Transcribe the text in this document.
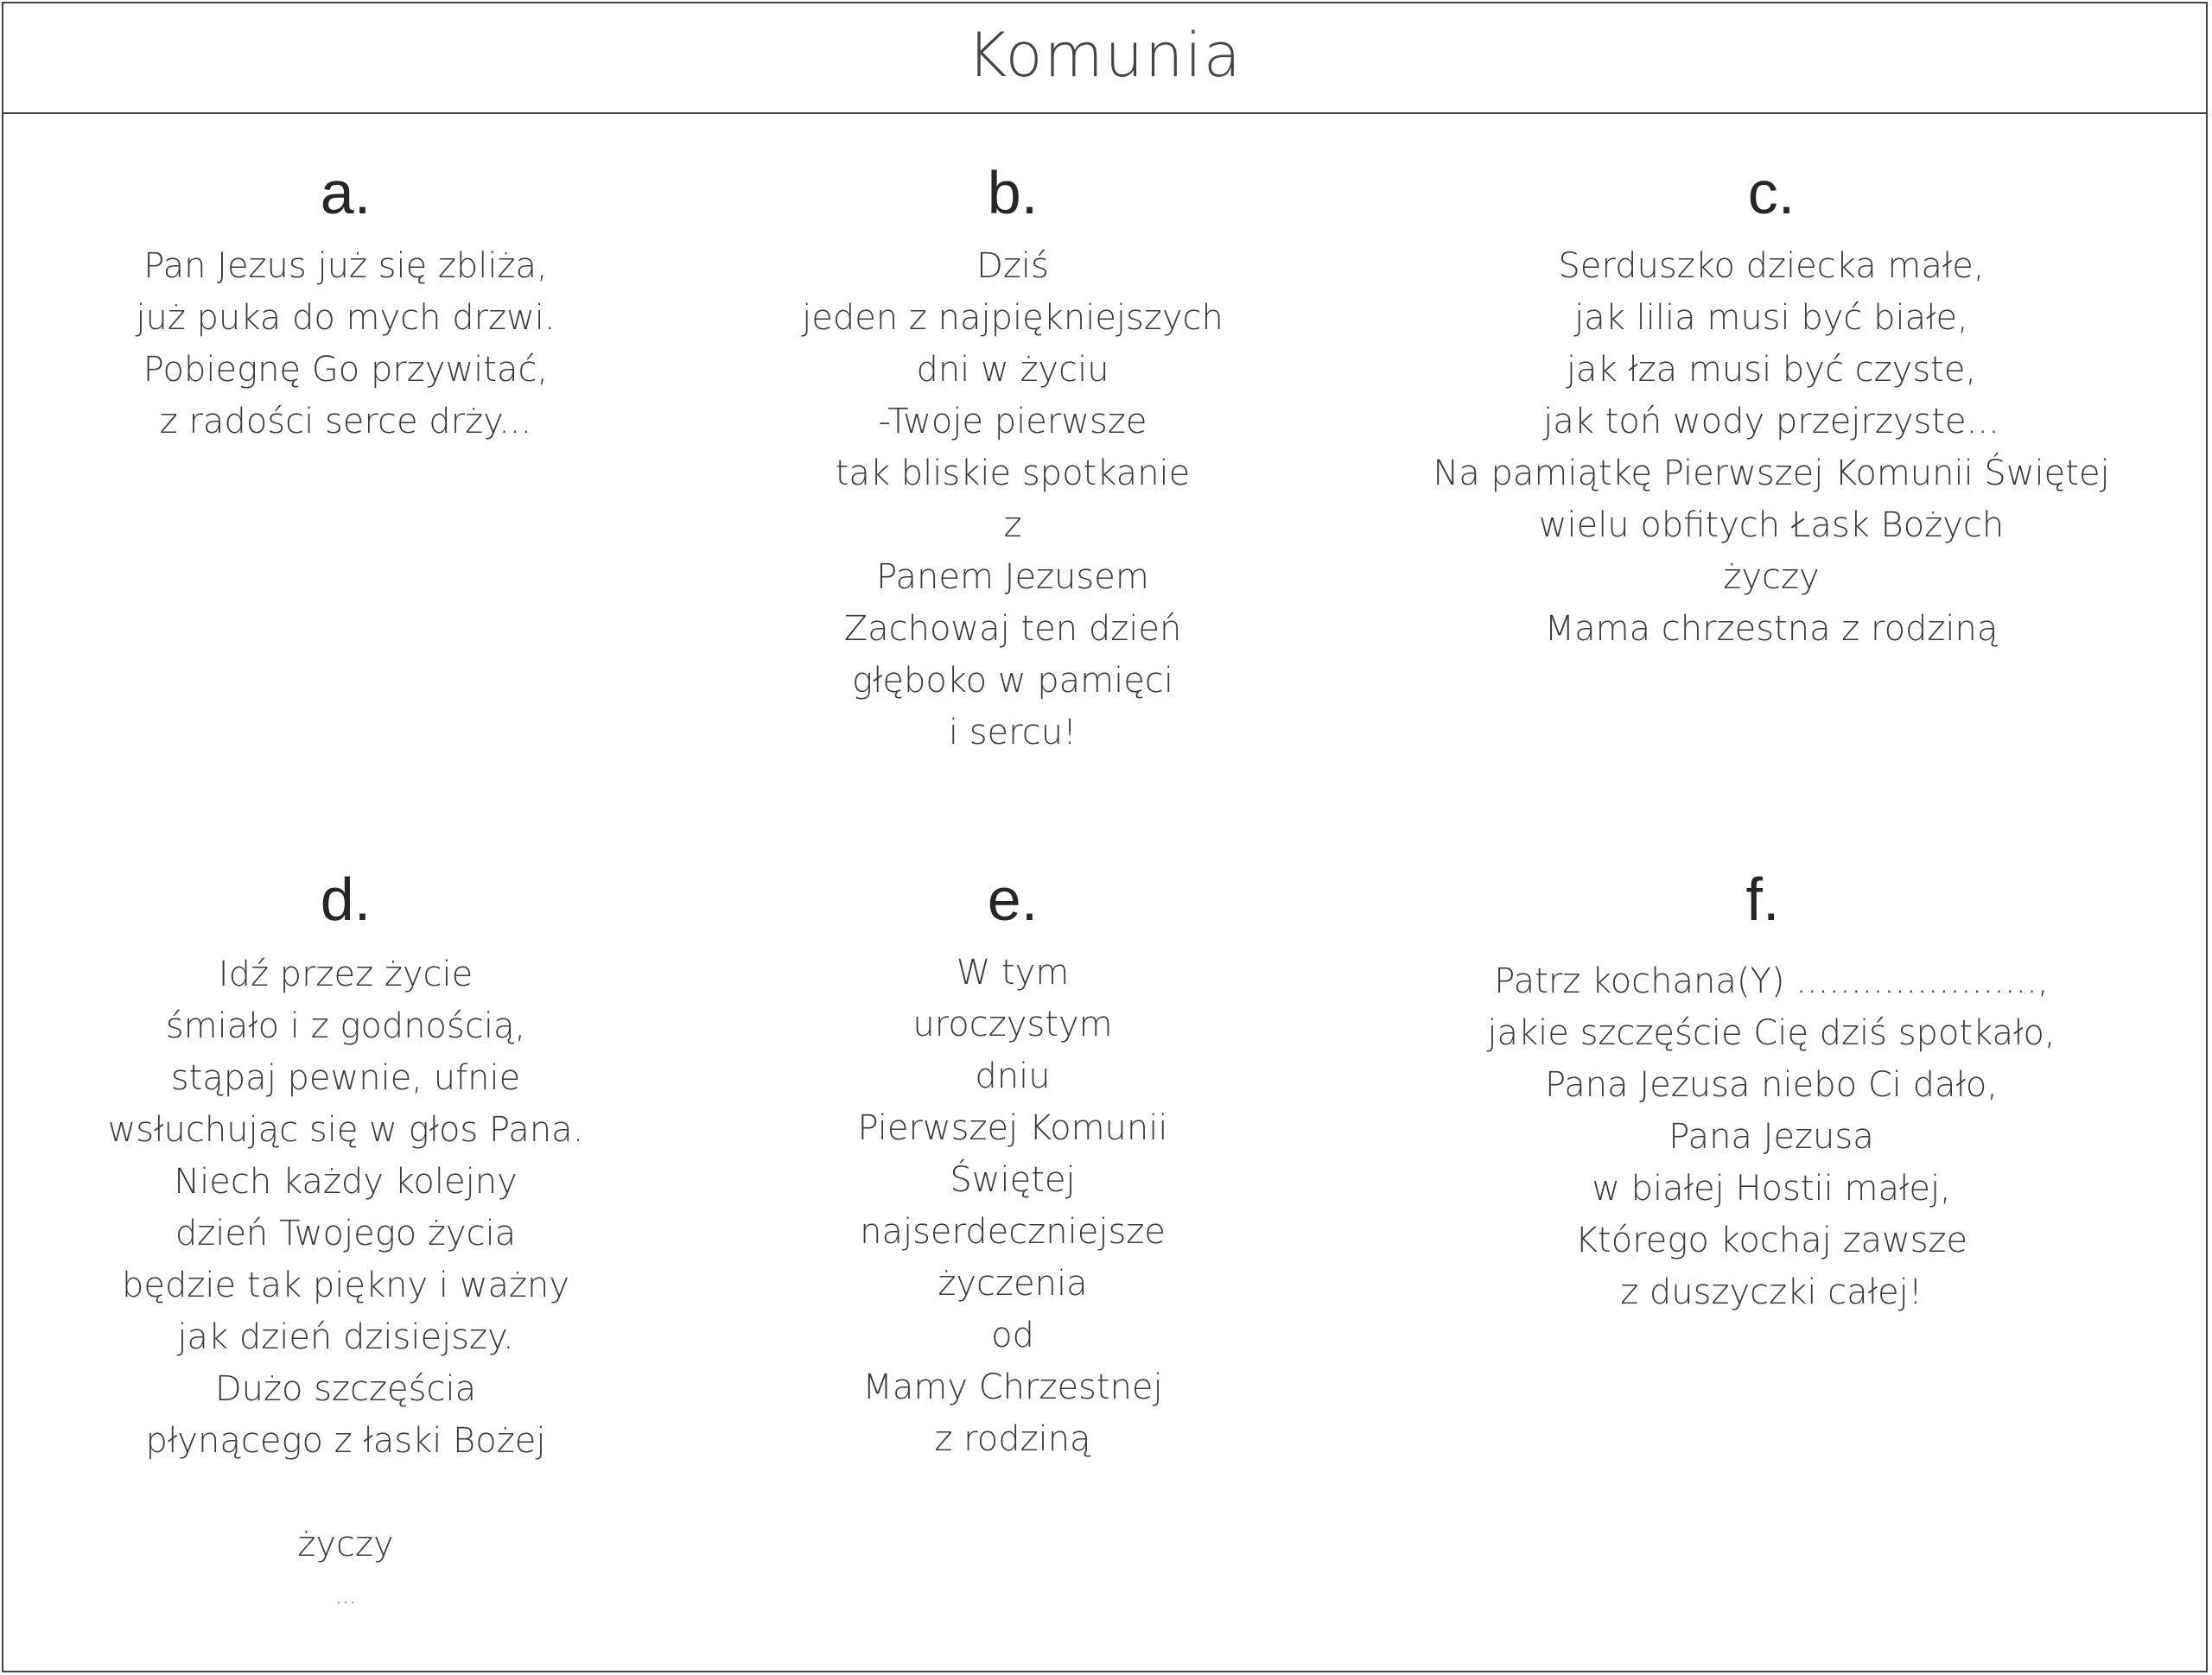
Komunia
a.
Pan Jezus już się zbliża,
już puka do mych drzwi.
Pobiegnę Go przywitać,
z radości serce drży...
b.
Dziś
jeden z najpiękniejszych
dni w życiu
-Twoje pierwsze
tak bliskie spotkanie
z
Panem Jezusem
Zachowaj ten dzień
głęboko w pamięci
i sercu!
c.
Serduszko dziecka małe,
jak lilia musi być białe,
jak łza musi być czyste,
jak toń wody przejrzyste...
Na pamiątkę Pierwszej Komunii Świętej
wielu obfitych Łask Bożych
życzy
Mama chrzestna z rodziną
d.
Idź przez życie
śmiało i z godnością,
stąpaj pewnie, ufnie
wsłuchując się w głos Pana.
Niech każdy kolejny
dzień Twojego życia
będzie tak piękny i ważny
jak dzień dzisiejszy.
Dużo szczęścia
płynącego z łaski Bożej
życzy
...
e.
W tym
uroczystym
dniu
Pierwszej Komunii
Świętej
najserdeczniejsze
życzenia
od
Mamy Chrzestnej
z rodziną
f.
Patrz kochana(Y) ......................,
jakie szczęście Cię dziś spotkało,
Pana Jezusa niebo Ci dało,
Pana Jezusa
w białej Hostii małej,
Którego kochaj zawsze
z duszyczki całej!
